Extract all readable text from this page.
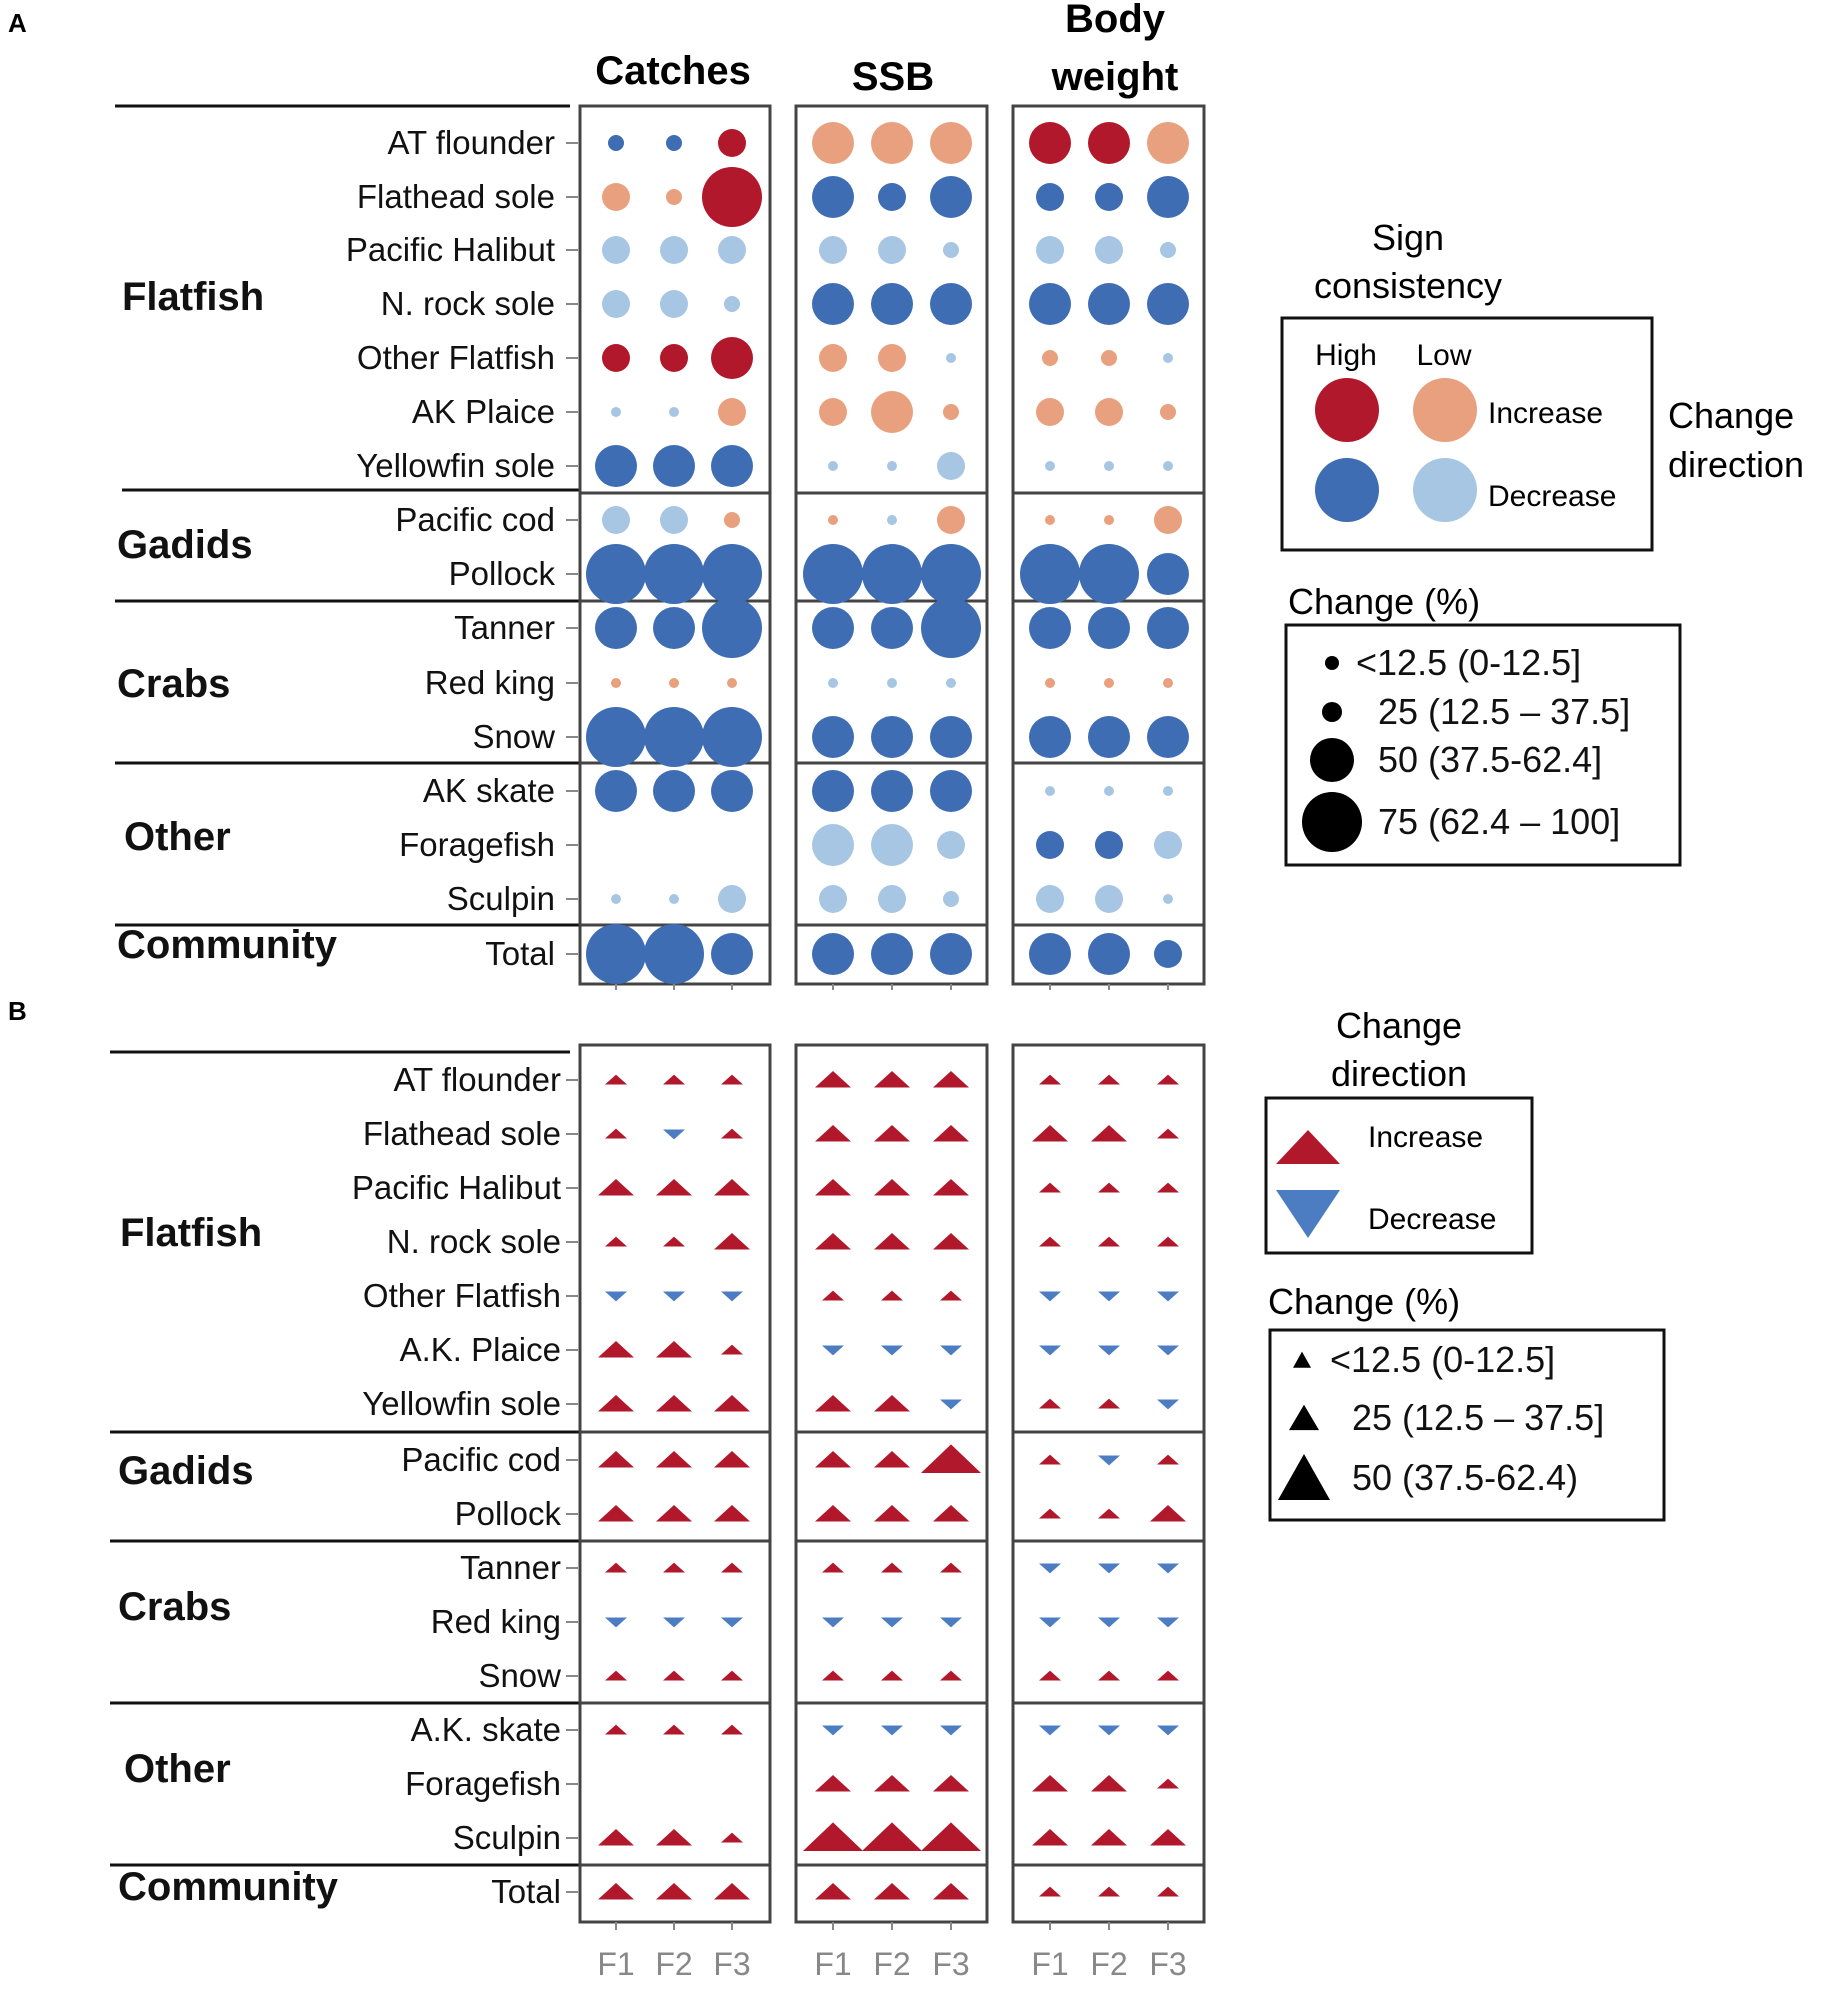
A
B
Catches	SSB
Body
weight
Flatfish
Gadids
Crabs
Other
Community
AT flounder
Flathead sole
Pacific Halibut
N. rock sole
Other Flatfish
AK Plaice
Yellowfin sole
Pacific cod
Pollock
Tanner
Red king
Snow
AK skate
Foragefish
Sculpin
Total
Flatfish
Gadids
Crabs
Other
Community
AT flounder
Flathead sole
Pacific Halibut
N. rock sole
Other Flatfish
A.K. Plaice
Yellowfin sole
Pacific cod
Pollock
Tanner
Red king
Snow
A.K. skate
Foragefish
Sculpin
Total
F1 F2 F3 F1 F2 F3 F1 F2 F3
Sign
consistency
High Low
Increase
Decrease
Change
direction
Change (%)
<12.5 (0-12.5]
25 (12.5 – 37.5]
50 (37.5-62.4]
75 (62.4 – 100]
Change
direction
Increase
Decrease
Change (%)
<12.5 (0-12.5]
25 (12.5 – 37.5]
50 (37.5-62.4)
